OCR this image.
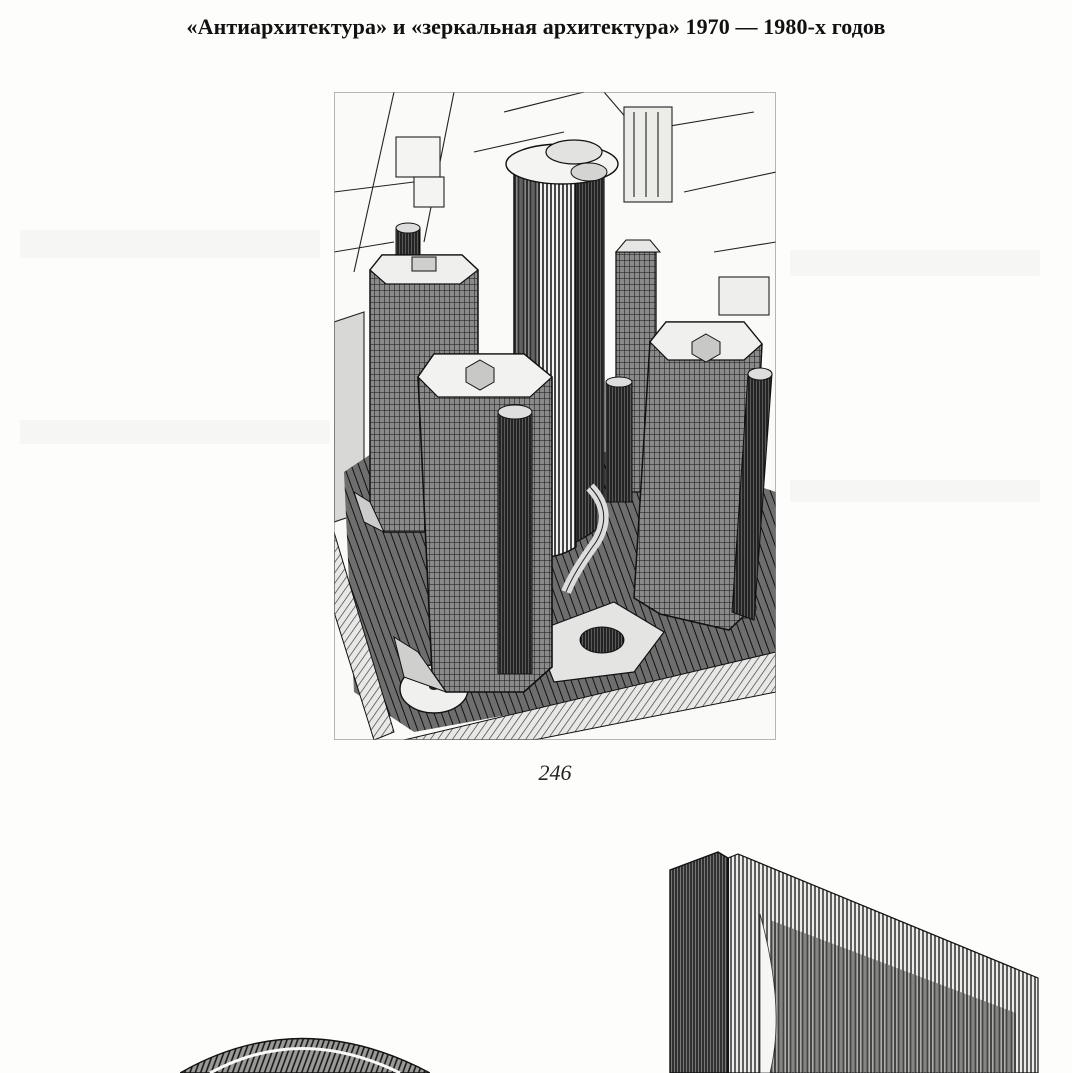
«Антиархитектура» и «зеркальная архитектура» 1970 — 1980-х годов
246
